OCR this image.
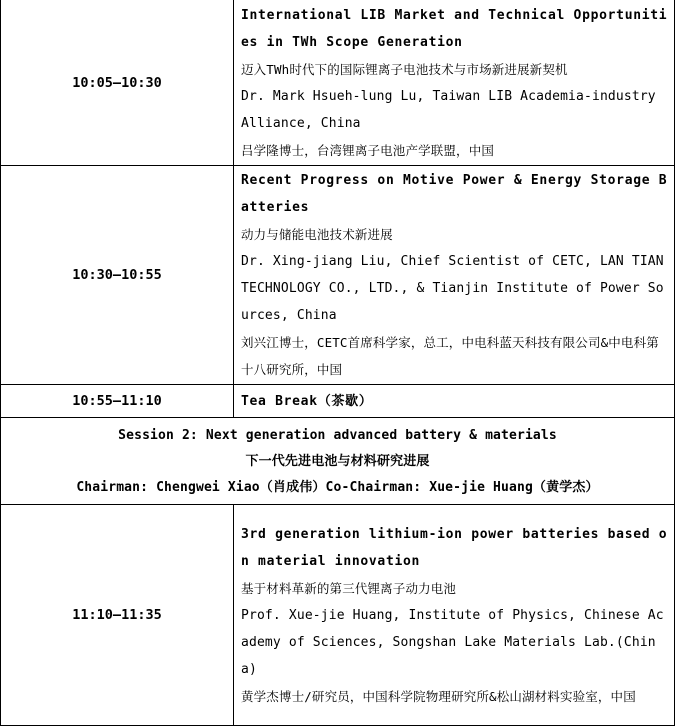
10:05–10:30	International LIB Market and Technical Opportunities in TWh Scope Generation
迈入TWh时代下的国际锂离子电池技术与市场新进展新契机
Dr. Mark Hsueh-lung Lu, Taiwan LIB Academia-industry Alliance, China
吕学隆博士，台湾锂离子电池产学联盟，中国

10:30–10:55	Recent Progress on Motive Power & Energy Storage Batteries
动力与储能电池技术新进展
Dr. Xing-jiang Liu, Chief Scientist of CETC, LAN TIAN TECHNOLOGY CO., LTD., & Tianjin Institute of Power Sources, China
刘兴江博士，CETC首席科学家，总工，中电科蓝天科技有限公司&中电科第十八研究所，中国

10:55–11:10	Tea Break（茶歇）

Session 2: Next generation advanced battery & materials
下一代先进电池与材料研究进展
Chairman: Chengwei Xiao（肖成伟）Co-Chairman: Xue-jie Huang（黄学杰）	

11:10–11:35	3rd generation lithium-ion power batteries based on material innovation
基于材料革新的第三代锂离子动力电池
Prof. Xue-jie Huang, Institute of Physics, Chinese Academy of Sciences, Songshan Lake Materials Lab.(China)
黄学杰博士/研究员，中国科学院物理研究所&松山湖材料实验室，中国
